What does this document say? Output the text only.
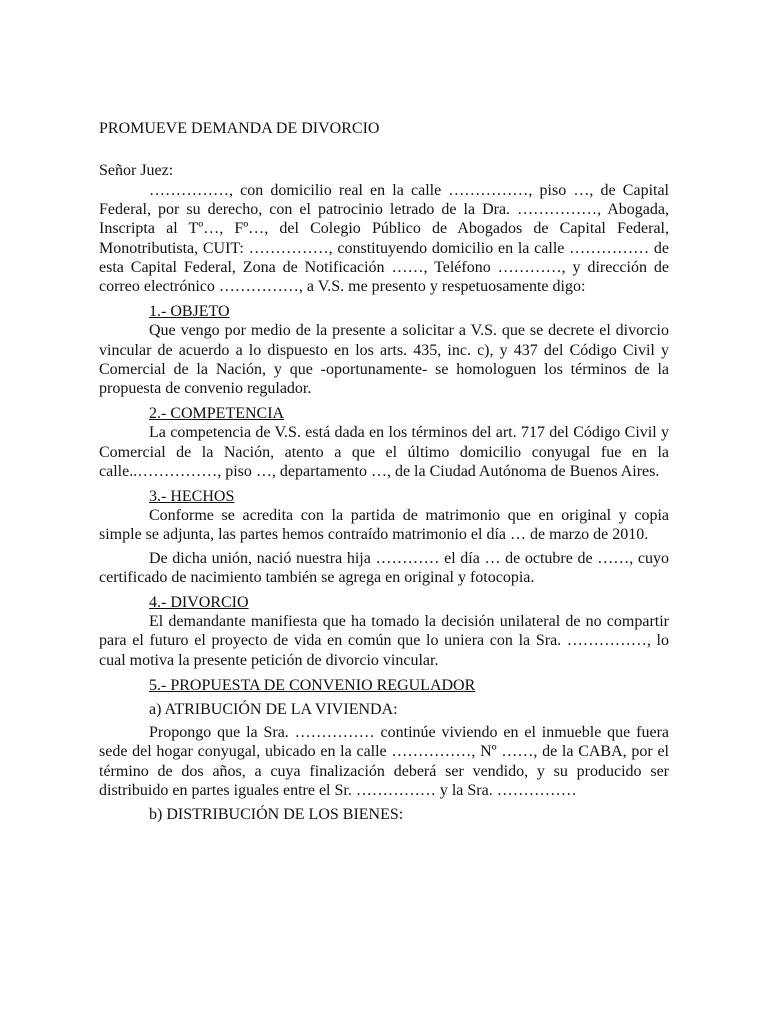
PROMUEVE DEMANDA DE DIVORCIO

Señor Juez:

……………, con domicilio real en la calle ……………, piso …, de Capital Federal, por su derecho, con el patrocinio letrado de la Dra. ……………, Abogada, Inscripta al Tº…, Fº…, del Colegio Público de Abogados de Capital Federal, Monotributista, CUIT: ……………, constituyendo domicilio en la calle …………… de esta Capital Federal, Zona de Notificación ……, Teléfono …………, y dirección de correo electrónico ……………, a V.S. me presento y respetuosamente digo:

1.- OBJETO

Que vengo por medio de la presente a solicitar a V.S. que se decrete el divorcio vincular de acuerdo a lo dispuesto en los arts. 435, inc. c), y 437 del Código Civil y Comercial de la Nación, y que -oportunamente- se homologuen los términos de la propuesta de convenio regulador.

2.- COMPETENCIA

La competencia de V.S. está dada en los términos del art. 717 del Código Civil y Comercial de la Nación, atento a que el último domicilio conyugal fue en la calle..……………, piso …, departamento …, de la Ciudad Autónoma de Buenos Aires.

3.- HECHOS

Conforme se acredita con la partida de matrimonio que en original y copia simple se adjunta, las partes hemos contraído matrimonio el día … de marzo de 2010.

De dicha unión, nació nuestra hija ………… el día … de octubre de ……, cuyo certificado de nacimiento también se agrega en original y fotocopia.

4.- DIVORCIO

El demandante manifiesta que ha tomado la decisión unilateral de no compartir para el futuro el proyecto de vida en común que lo uniera con la Sra. ……………, lo cual motiva la presente petición de divorcio vincular.

5.- PROPUESTA DE CONVENIO REGULADOR

a) ATRIBUCIÓN DE LA VIVIENDA:

Propongo que la Sra. …………… continúe viviendo en el inmueble que fuera sede del hogar conyugal, ubicado en la calle ……………, Nº ……, de la CABA, por el término de dos años, a cuya finalización deberá ser vendido, y su producido ser distribuido en partes iguales entre el Sr. …………… y la Sra. ……………

b) DISTRIBUCIÓN DE LOS BIENES:
